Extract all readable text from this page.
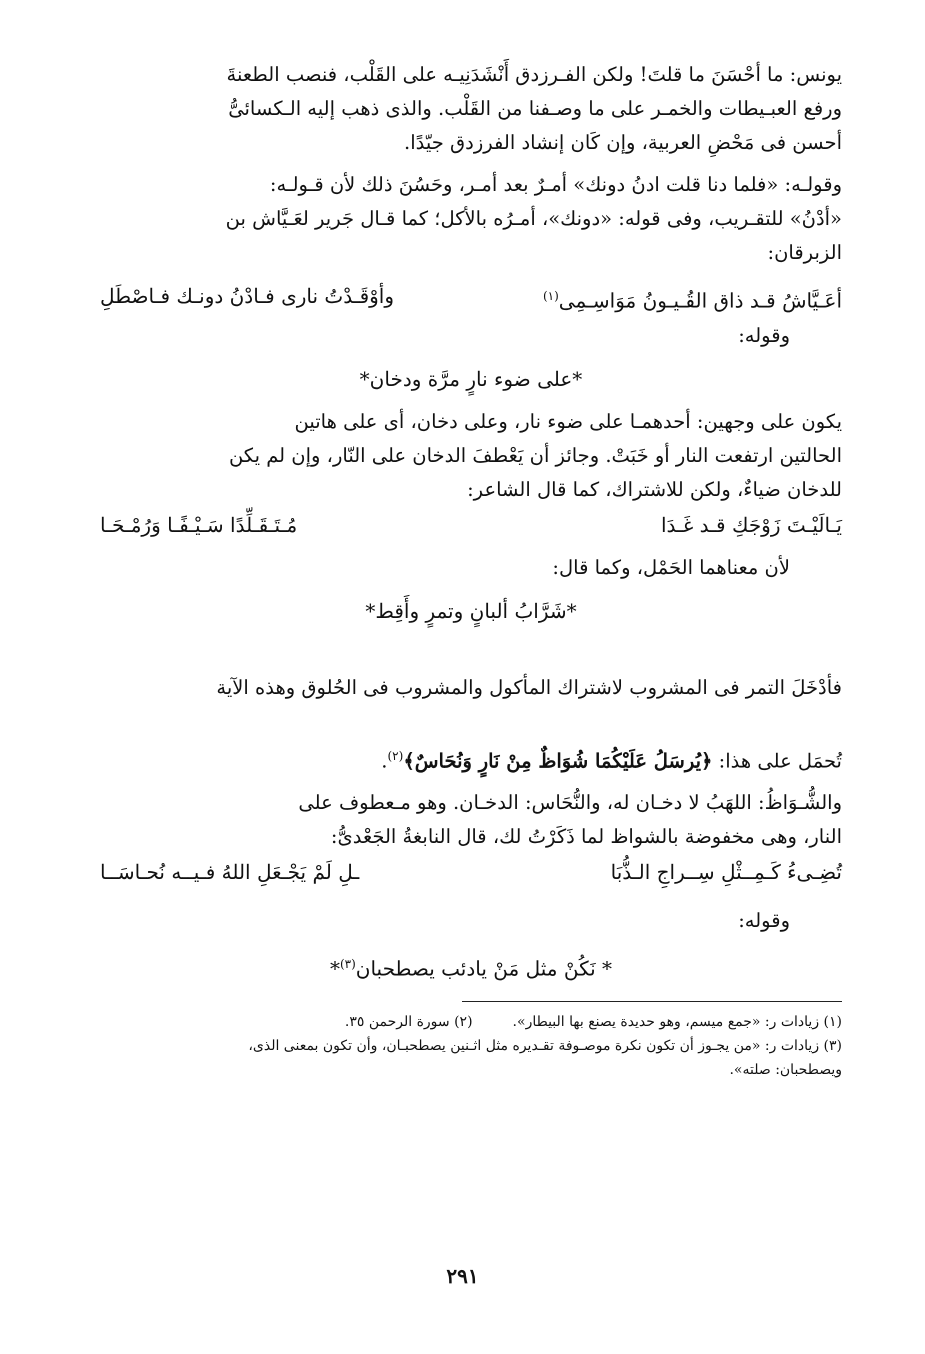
يونس: ما أحْسَنَ ما قلتَ! ولكن الفـرزدق أَنْشَدَنِيـه على القَلْب، فنصب الطعنةَ
ورفع العبـيطات والخمـر على ما وصـفنا من القَلْب. والذى ذهب إليه الـكسائىُّ
أحسن فى مَحْضِ العربية، وإن كَان إنشاد الفرزدق جيّدًا.

وقولـه: «فلما دنا قلت ادنُ دونك» أمـرٌ بعد أمـر، وحَسُنَ ذلك لأن قـولـه:
«أدْنُ» للتقـريب، وفى قوله: «دونك»، أمـرُه بالأكل؛ كما قـال جَرير لعَـيَّاش بن
الزبرقان:

أعَـيَّاشُ قـد ذاق القُـيـونُ مَوَاسِـمِى$^{(١)}$
وأوْقَـدْتُ نارى فـادْنُ دونـك فـاصْطَلِ

وقوله:

*على ضوء نارٍ مرَّة ودخان*

يكون على وجهين: أحدهمـا على ضوء نار، وعلى دخان، أى على هاتين
الحالتين ارتفعت النار أو خَبَتْ. وجائز أن يَعْطفَ الدخان على النّار، وإن لم يكن
للدخان ضياءٌ، ولكن للاشتراك، كما قال الشاعر:

يَـالَيْـتَ زَوْجَكِ قـد غَـدَا
مُـتَـقَـلِّدًا سَـيْـفًـا وَرُمْـحَـا

لأن معناهما الحَمْل، وكما قال:

*شَرَّابُ ألبانٍ وتمرٍ وأَقِط*

فأدْخَلَ التمر فى المشروب لاشتراك المأكول والمشروب فى الحُلوق وهذه الآية

تُحمَل على هذا: ﴿يُرسَلُ عَلَيْكُمَا شُوَاظٌ مِنْ نَارٍ وَنُحَاسٌ﴾$^{(٢)}$.

والشُّـوَاظُ: اللهَبُ لا دخـان له، والنُّحَاس: الدخـان. وهو مـعطوف على
النار، وهى مخفوضة بالشواظ لما ذَكَرْتُ لك، قال النابغةُ الجَعْدىُّ:

تُضِـىءُ كَـمِــثْلِ سِــراجِ الـذُّبَا
ـلِ لَمْ يَجْـعَلِ اللهُ فـيــه نُحـاسَــا

وقوله:

* نَكُنْ مثل مَنْ يادئب يصطحبان$^{(٣)}$*

(١) زيادات ر: «جمع ميسم، وهو حديدة يصنع بها البيطار».
(٢) سورة الرحمن ٣٥.
(٣) زيادات ر: «من يجـوز أن تكون نكرة موصـوفة تقـديره مثل اثـنين يصطحبـان، وأن تكون بمعنى الذى،
ويصطحبان: صلته».
٢٩١
